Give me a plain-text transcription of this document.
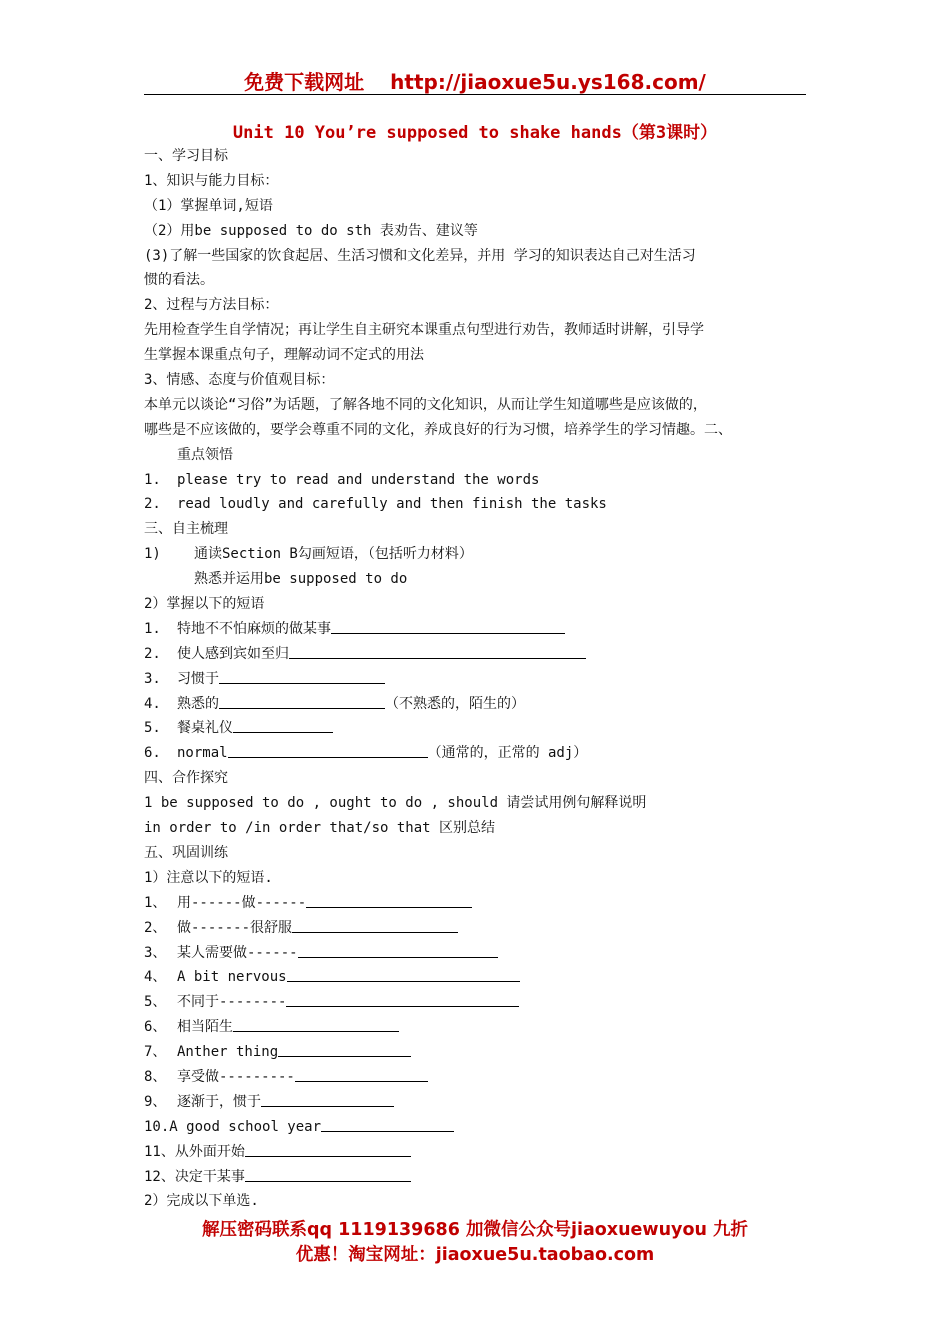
免费下载网址 http://jiaoxue5u.ys168.com/
Unit 10 You’re supposed to shake hands（第3课时）
一、学习目标
1、知识与能力目标：
（1）掌握单词,短语
（2）用be supposed to do sth 表劝告、建议等
(3)了解一些国家的饮食起居、生活习惯和文化差异，并用 学习的知识表达自己对生活习
惯的看法。
2、过程与方法目标：
先用检查学生自学情况；再让学生自主研究本课重点句型进行劝告，教师适时讲解，引导学
生掌握本课重点句子，理解动词不定式的用法
3、情感、态度与价值观目标：
本单元以谈论“习俗”为话题，了解各地不同的文化知识，从而让学生知道哪些是应该做的，
哪些是不应该做的，要学会尊重不同的文化，养成良好的行为习惯，培养学生的学习情趣。二、
重点领悟
1. please try to read and understand the words
2. read loudly and carefully and then finish the tasks
三、自主梳理
1) 通读Section B勾画短语，（包括听力材料）
熟悉并运用be supposed to do
2）掌握以下的短语
1. 特地不不怕麻烦的做某事
2. 使人感到宾如至归
3. 习惯于
4. 熟悉的	（不熟悉的，陌生的）
5. 餐桌礼仪
6. normal	（通常的，正常的 adj）
四、合作探究
1 be supposed to do , ought to do , should 请尝试用例句解释说明
in order to /in order that/so that 区别总结
五、巩固训练
1）注意以下的短语.
1、 用------做------
2、 做-------很舒服
3、 某人需要做------
4、 A bit nervous
5、 不同于--------
6、 相当陌生
7、 Anther thing
8、 享受做---------
9、 逐渐于，惯于
10.A good school year
11、从外面开始
12、决定干某事
2）完成以下单选.
解压密码联系qq 1119139686 加微信公众号jiaoxuewuyou 九折
优惠！淘宝网址：jiaoxue5u.taobao.com
